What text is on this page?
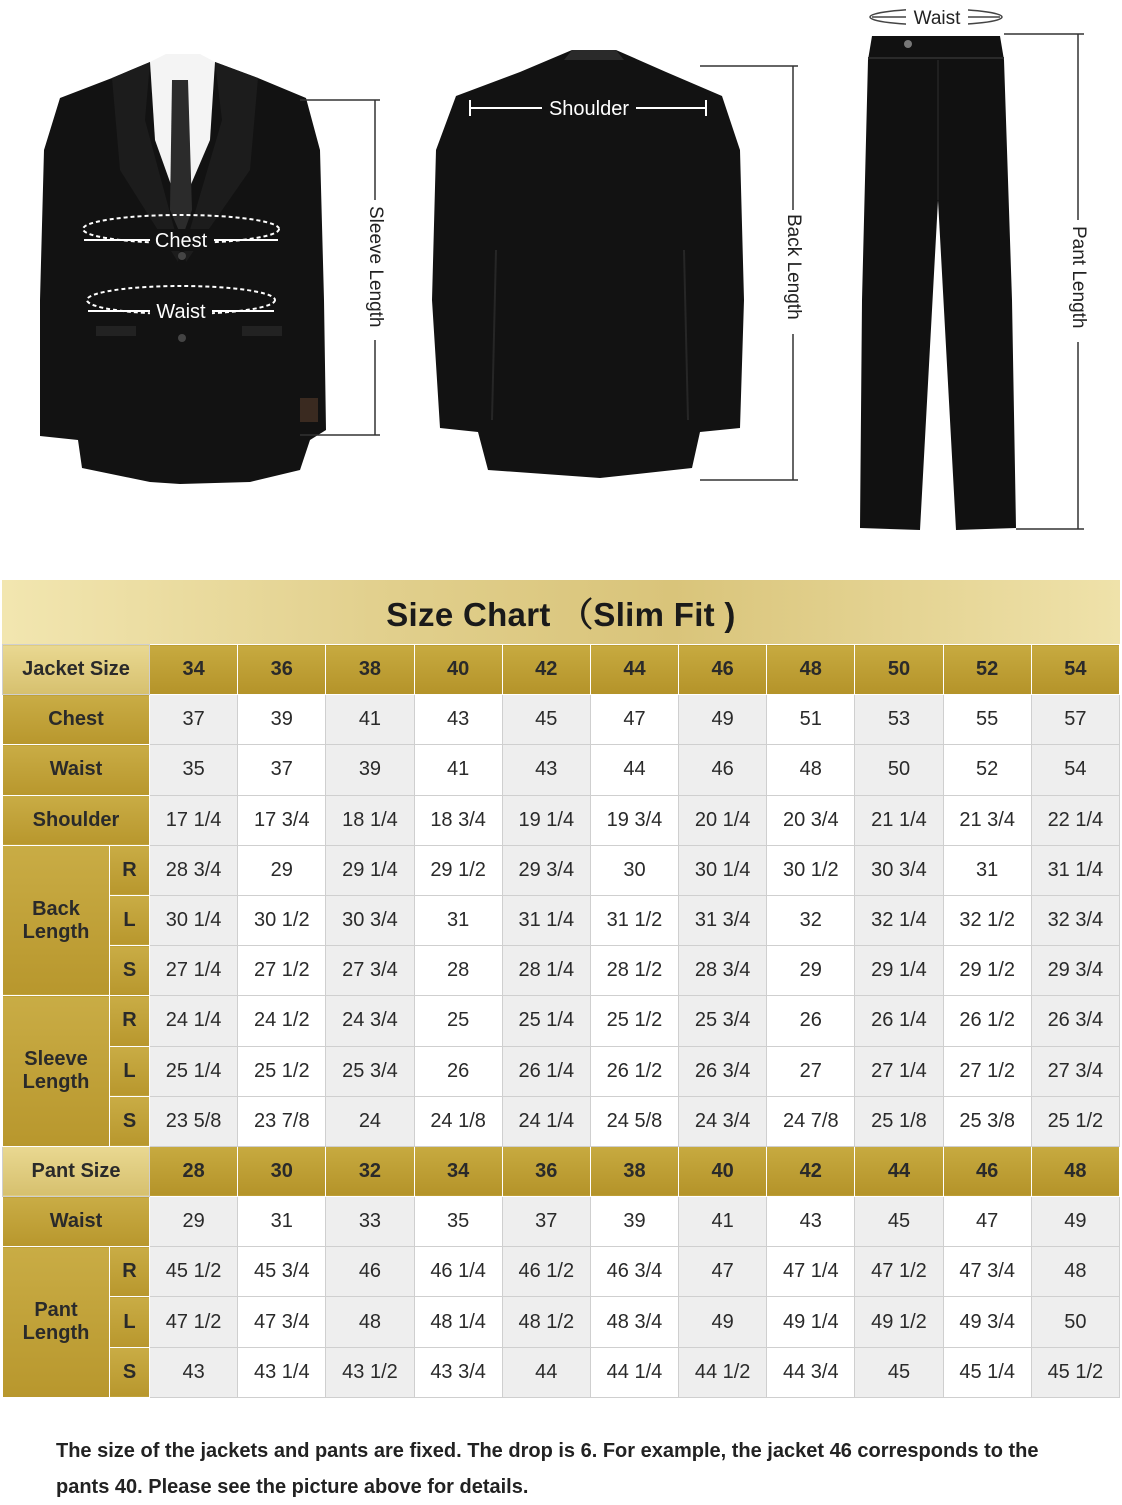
Chest
Waist	Sleeve Length
Shoulder
Back Length
Waist
Pant Length
Size Chart （Slim Fit )
Jacket Size		34	36	38	40	42	44	46	48	50	52	54
Chest		37	39	41	43	45	47	49	51	53	55	57
Waist		35	37	39	41	43	44	46	48	50	52	54
Shoulder		17 1/4	17 3/4	18 1/4	18 3/4	19 1/4	19 3/4	20 1/4	20 3/4	21 1/4	21 3/4	22 1/4
Back Length	R	28 3/4	29	29 1/4	29 1/2	29 3/4	30	30 1/4	30 1/2	30 3/4	31	31 1/4
	L	30 1/4	30 1/2	30 3/4	31	31 1/4	31 1/2	31 3/4	32	32 1/4	32 1/2	32 3/4
	S	27 1/4	27 1/2	27 3/4	28	28 1/4	28 1/2	28 3/4	29	29 1/4	29 1/2	29 3/4
Sleeve Length	R	24 1/4	24 1/2	24 3/4	25	25 1/4	25 1/2	25 3/4	26	26 1/4	26 1/2	26 3/4
	L	25 1/4	25 1/2	25 3/4	26	26 1/4	26 1/2	26 3/4	27	27 1/4	27 1/2	27 3/4
	S	23 5/8	23 7/8	24	24 1/8	24 1/4	24 5/8	24 3/4	24 7/8	25 1/8	25 3/8	25 1/2
Pant Size		28	30	32	34	36	38	40	42	44	46	48
Waist		29	31	33	35	37	39	41	43	45	47	49
Pant Length	R	45 1/2	45 3/4	46	46 1/4	46 1/2	46 3/4	47	47 1/4	47 1/2	47 3/4	48
	L	47 1/2	47 3/4	48	48 1/4	48 1/2	48 3/4	49	49 1/4	49 1/2	49 3/4	50
	S	43	43 1/4	43 1/2	43 3/4	44	44 1/4	44 1/2	44 3/4	45	45 1/4	45 1/2
The size of the jackets and pants are fixed. The drop is 6. For example, the jacket 46 corresponds to the pants 40. Please see the picture above for details.
